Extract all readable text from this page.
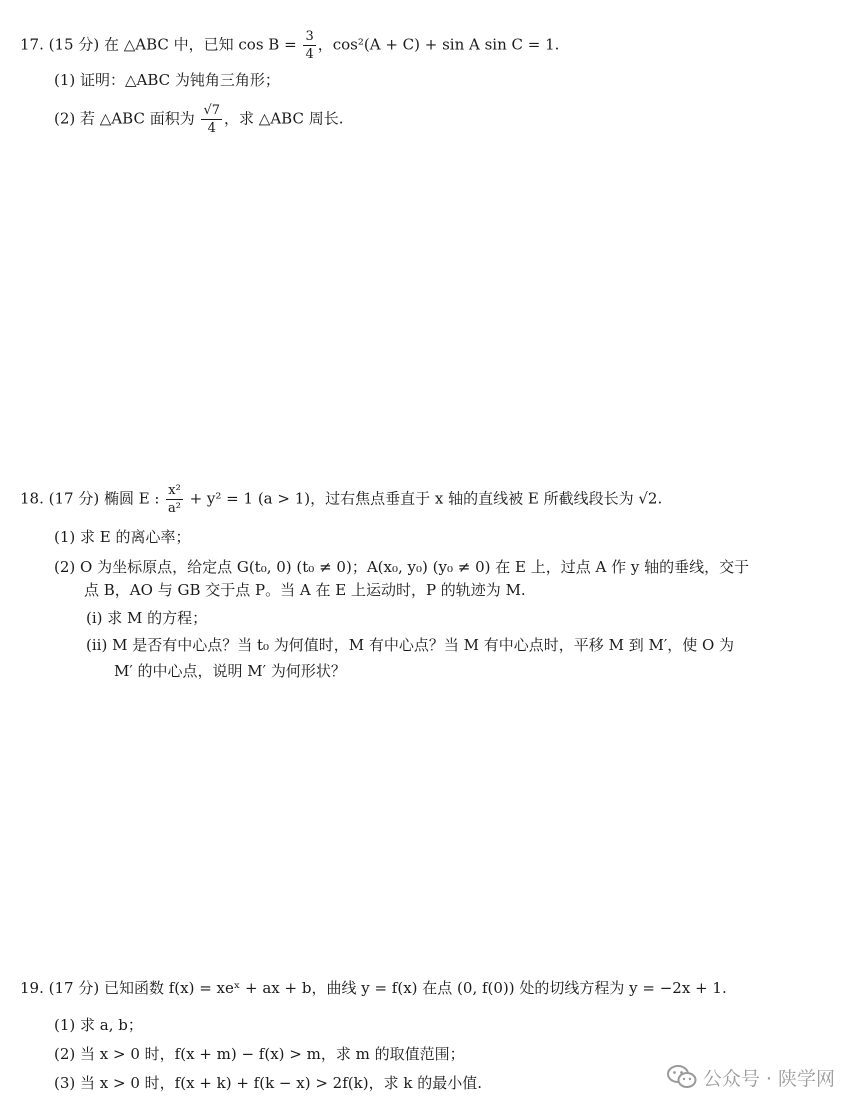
17. (15 分) 在 △ABC 中，已知 $\cos B = \frac{3}{4}$ ，cos²(A + C) + sin A sin C = 1.
(1) 证明：△ABC 为钝角三角形；
(2) 若 △ABC 面积为 $\frac{√7}{4}$ ，求 △ABC 周长.
18. (17 分) 椭圆 E : $\frac{\text{x²}}{\text{a²}} + y^2 = 1$ (a > 1)，过右焦点垂直于 x 轴的直线被 E 所截线段长为 √2.
(1) 求 E 的离心率；
(2) O 为坐标原点，给定点 G(t₀, 0) (t₀ ≠ 0)；A(x₀, y₀) (y₀ ≠ 0) 在 E 上，过点 A 作 y 轴的垂线，交于
点 B，AO 与 GB 交于点 P。当 A 在 E 上运动时，P 的轨迹为 M.
(i) 求 M 的方程；
(ii) M 是否有中心点？当 t₀ 为何值时，M 有中心点？当 M 有中心点时，平移 M 到 M′，使 O 为
M′ 的中心点，说明 M′ 为何形状？
19. (17 分) 已知函数 f(x) = xeˣ + ax + b，曲线 y = f(x) 在点 (0, f(0)) 处的切线方程为 y = −2x + 1.
(1) 求 a, b；
(2) 当 x > 0 时，f(x + m) − f(x) > m，求 m 的取值范围；
(3) 当 x > 0 时，f(x + k) + f(k − x) > 2f(k)，求 k 的最小值.	公众号 · 陕学网
